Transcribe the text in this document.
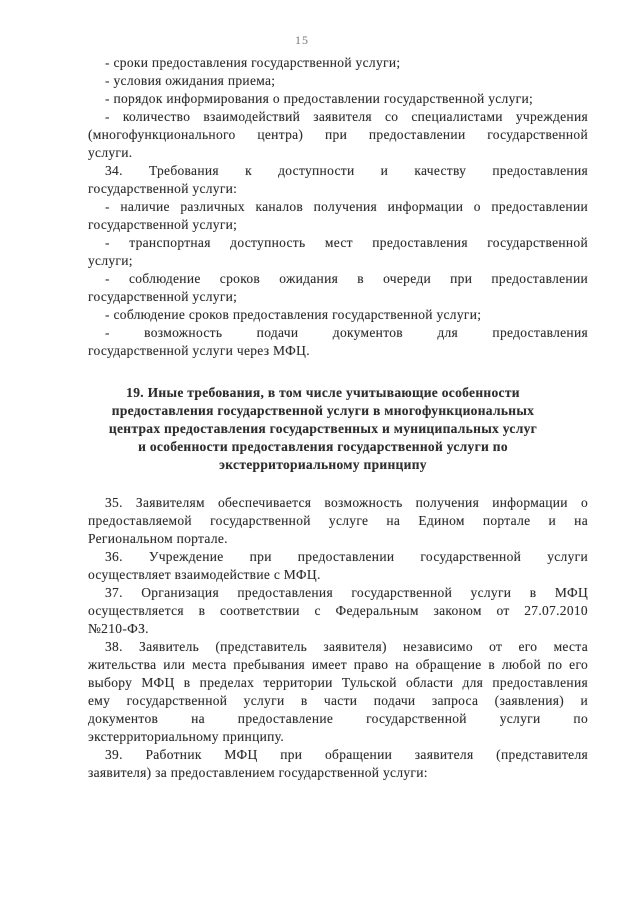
15
- сроки предоставления государственной услуги;
- условия ожидания приема;
- порядок информирования о предоставлении государственной услуги;
- количество взаимодействий заявителя со специалистами учреждения
(многофункционального центра) при предоставлении государственной
услуги.
34. Требования к доступности и качеству предоставления
государственной услуги:
- наличие различных каналов получения информации о предоставлении
государственной услуги;
- транспортная доступность мест предоставления государственной
услуги;
- соблюдение сроков ожидания в очереди при предоставлении
государственной услуги;
- соблюдение сроков предоставления государственной услуги;
- возможность подачи документов для предоставления
государственной услуги через МФЦ.
19. Иные требования, в том числе учитывающие особенности
предоставления государственной услуги в многофункциональных
центрах предоставления государственных и муниципальных услуг
и особенности предоставления государственной услуги по
экстерриториальному принципу
35. Заявителям обеспечивается возможность получения информации о
предоставляемой государственной услуге на Едином портале и на
Региональном портале.
36. Учреждение при предоставлении государственной услуги
осуществляет взаимодействие с МФЦ.
37. Организация предоставления государственной услуги в МФЦ
осуществляется в соответствии с Федеральным законом от 27.07.2010
№210-ФЗ.
38. Заявитель (представитель заявителя) независимо от его места
жительства или места пребывания имеет право на обращение в любой по его
выбору МФЦ в пределах территории Тульской области для предоставления
ему государственной услуги в части подачи запроса (заявления) и
документов на предоставление государственной услуги по
экстерриториальному принципу.
39. Работник МФЦ при обращении заявителя (представителя
заявителя) за предоставлением государственной услуги:
